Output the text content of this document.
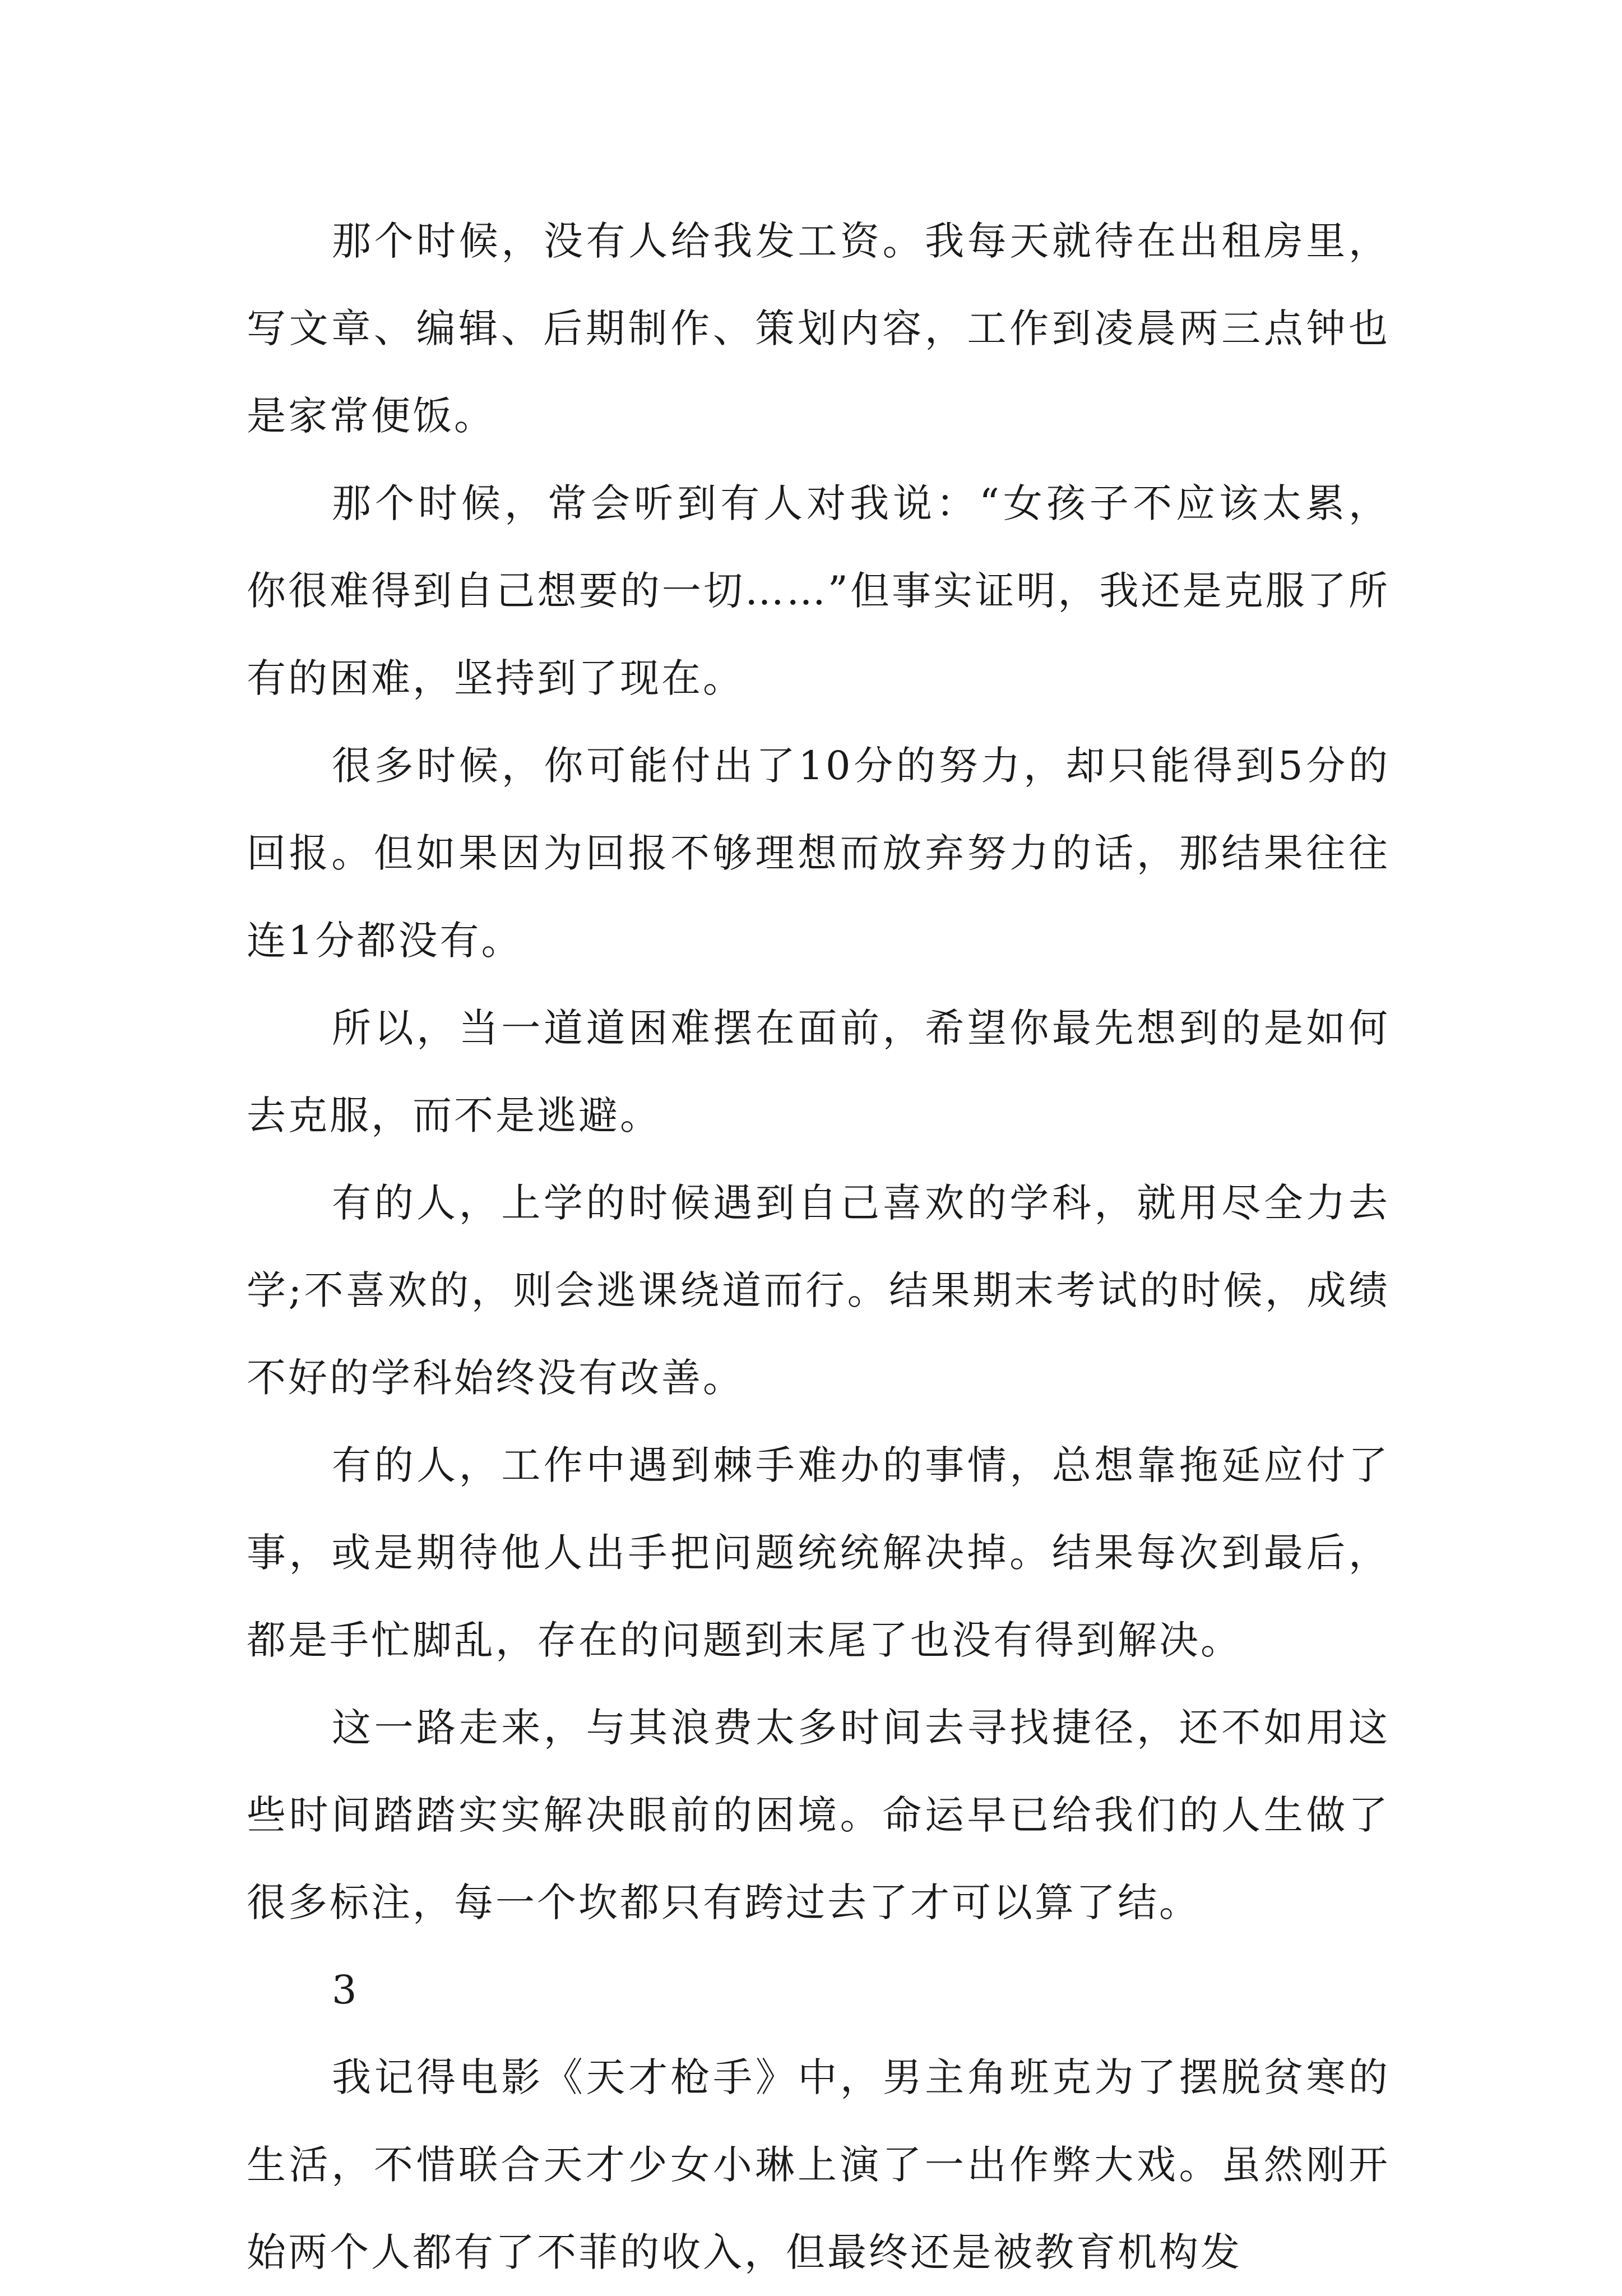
那个时候，没有人给我发工资。我每天就待在出租房里，写文章、编辑、后期制作、策划内容，工作到凌晨两三点钟也是家常便饭。

那个时候，常会听到有人对我说：“女孩子不应该太累，你很难得到自己想要的一切……”但事实证明，我还是克服了所有的困难，坚持到了现在。

很多时候，你可能付出了10分的努力，却只能得到5分的回报。但如果因为回报不够理想而放弃努力的话，那结果往往连1分都没有。

所以，当一道道困难摆在面前，希望你最先想到的是如何去克服，而不是逃避。

有的人，上学的时候遇到自己喜欢的学科，就用尽全力去学;不喜欢的，则会逃课绕道而行。结果期末考试的时候，成绩不好的学科始终没有改善。

有的人，工作中遇到棘手难办的事情，总想靠拖延应付了事，或是期待他人出手把问题统统解决掉。结果每次到最后，都是手忙脚乱，存在的问题到末尾了也没有得到解决。

这一路走来，与其浪费太多时间去寻找捷径，还不如用这些时间踏踏实实解决眼前的困境。命运早已给我们的人生做了很多标注，每一个坎都只有跨过去了才可以算了结。

3

我记得电影《天才枪手》中，男主角班克为了摆脱贫寒的生活，不惜联合天才少女小琳上演了一出作弊大戏。虽然刚开始两个人都有了不菲的收入，但最终还是被教育机构发
